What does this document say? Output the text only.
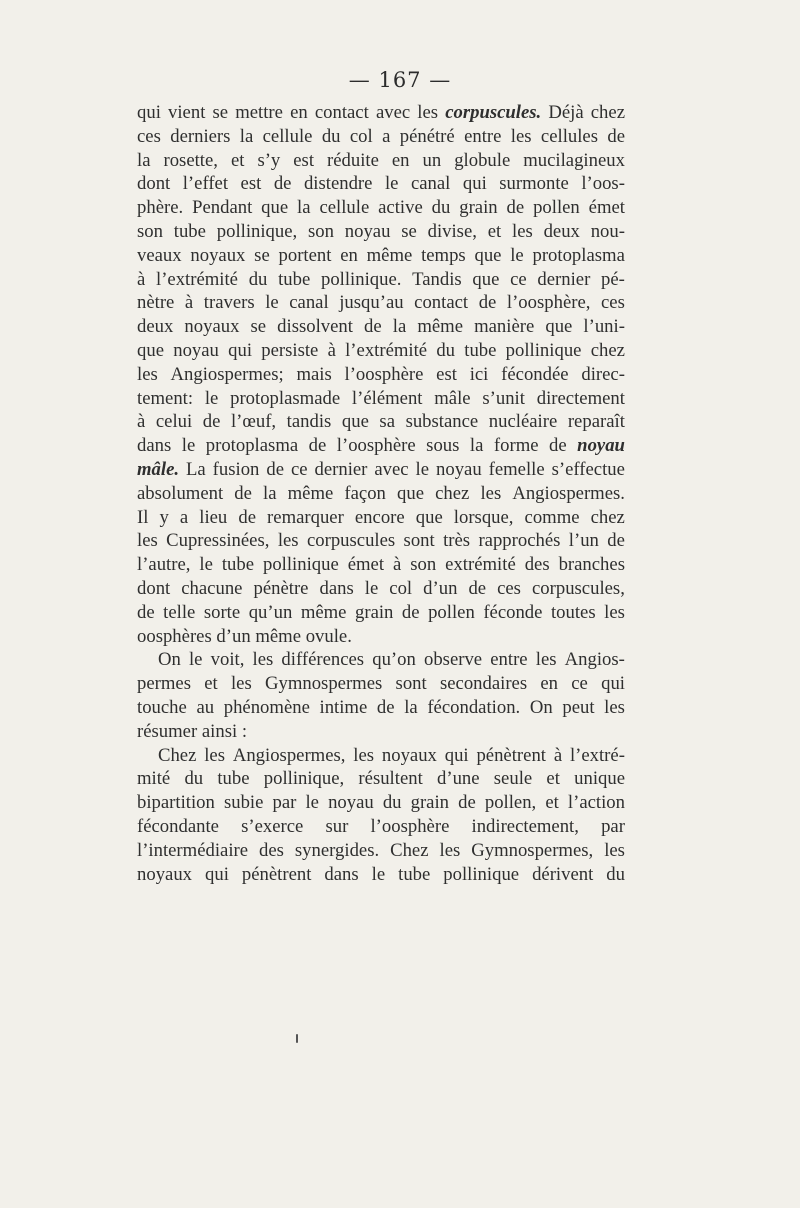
— 167 —
qui vient se mettre en contact avec les corpuscules. Déjà chez
ces derniers la cellule du col a pénétré entre les cellules de
la rosette, et s’y est réduite en un globule mucilagineux
dont l’effet est de distendre le canal qui surmonte l’oos-
phère. Pendant que la cellule active du grain de pollen émet
son tube pollinique, son noyau se divise, et les deux nou-
veaux noyaux se portent en même temps que le protoplasma
à l’extrémité du tube pollinique. Tandis que ce dernier pé-
nètre à travers le canal jusqu’au contact de l’oosphère, ces
deux noyaux se dissolvent de la même manière que l’uni-
que noyau qui persiste à l’extrémité du tube pollinique chez
les Angiospermes; mais l’oosphère est ici fécondée direc-
tement: le protoplasmade l’élément mâle s’unit directement
à celui de l’œuf, tandis que sa substance nucléaire reparaît
dans le protoplasma de l’oosphère sous la forme de noyau
mâle. La fusion de ce dernier avec le noyau femelle s’effectue
absolument de la même façon que chez les Angiospermes.
Il y a lieu de remarquer encore que lorsque, comme chez
les Cupressinées, les corpuscules sont très rapprochés l’un de
l’autre, le tube pollinique émet à son extrémité des branches
dont chacune pénètre dans le col d’un de ces corpuscules,
de telle sorte qu’un même grain de pollen féconde toutes les
oosphères
d’un
même
ovule.
On le voit, les différences qu’on observe entre les Angios-
permes et les Gymnospermes sont secondaires en ce qui
touche au phénomène intime de la fécondation. On peut les
résumer
ainsi
:
Chez les Angiospermes, les noyaux qui pénètrent à l’extré-
mité du tube pollinique, résultent d’une seule et unique
bipartition subie par le noyau du grain de pollen, et l’action
fécondante s’exerce sur l’oosphère indirectement, par
l’intermédiaire des synergides. Chez les Gymnospermes, les
noyaux qui pénètrent dans le tube pollinique dérivent du
